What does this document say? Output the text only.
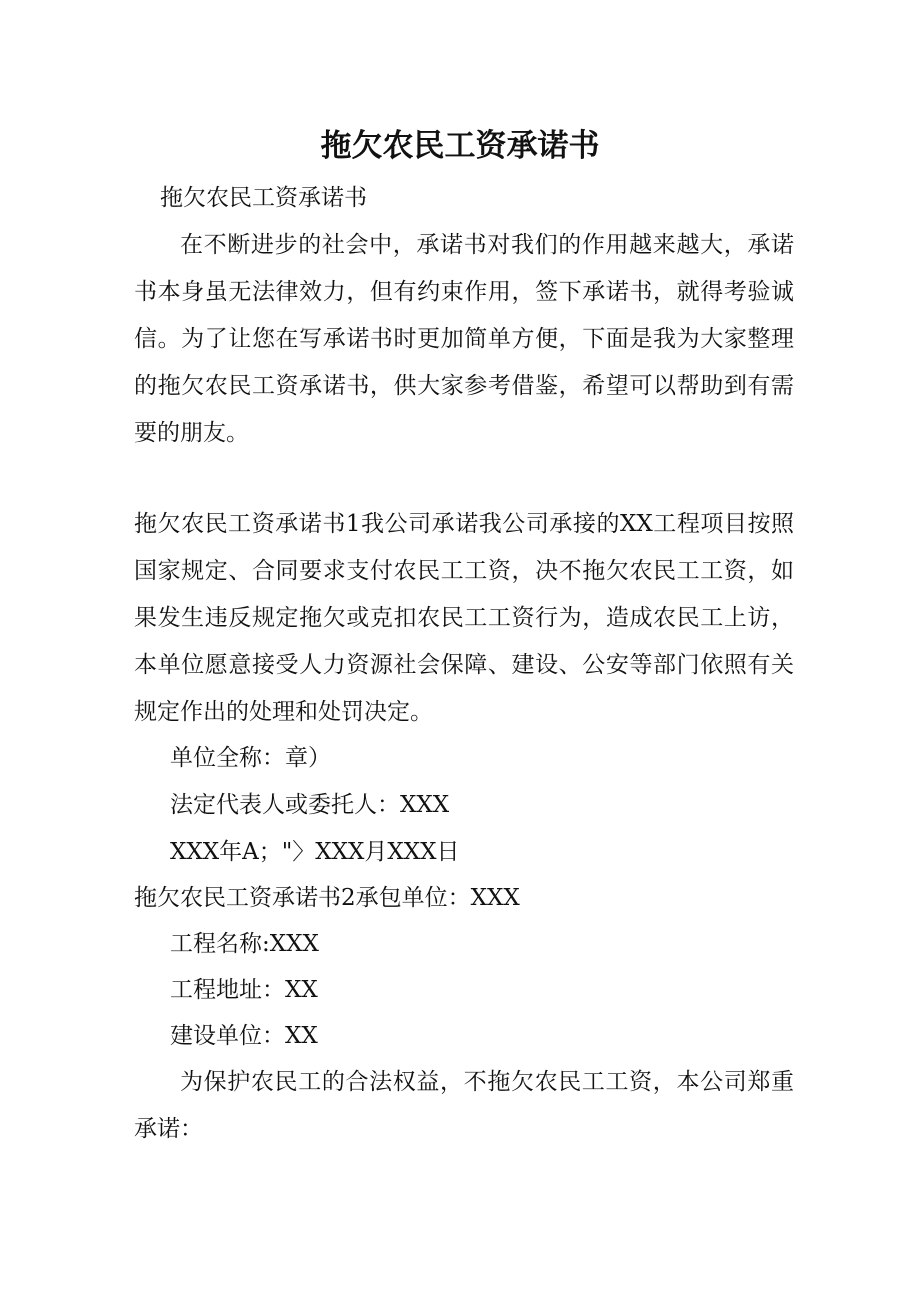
拖欠农民工资承诺书
拖欠农民工资承诺书
在不断进步的社会中，承诺书对我们的作用越来越大，承诺书本身虽无法律效力，但有约束作用，签下承诺书，就得考验诚信。为了让您在写承诺书时更加简单方便，下面是我为大家整理的拖欠农民工资承诺书，供大家参考借鉴，希望可以帮助到有需要的朋友。
拖欠农民工资承诺书1我公司承诺我公司承接的XX工程项目按照国家规定、合同要求支付农民工工资，决不拖欠农民工工资，如果发生违反规定拖欠或克扣农民工工资行为，造成农民工上访，本单位愿意接受人力资源社会保障、建设、公安等部门依照有关规定作出的处理和处罚决定。
单位全称：章）
法定代表人或委托人：XXX
XXX年A；"〉XXX月XXX日
拖欠农民工资承诺书2承包单位：XXX
工程名称:XXX
工程地址：XX
建设单位：XX
为保护农民工的合法权益，不拖欠农民工工资，本公司郑重承诺：
